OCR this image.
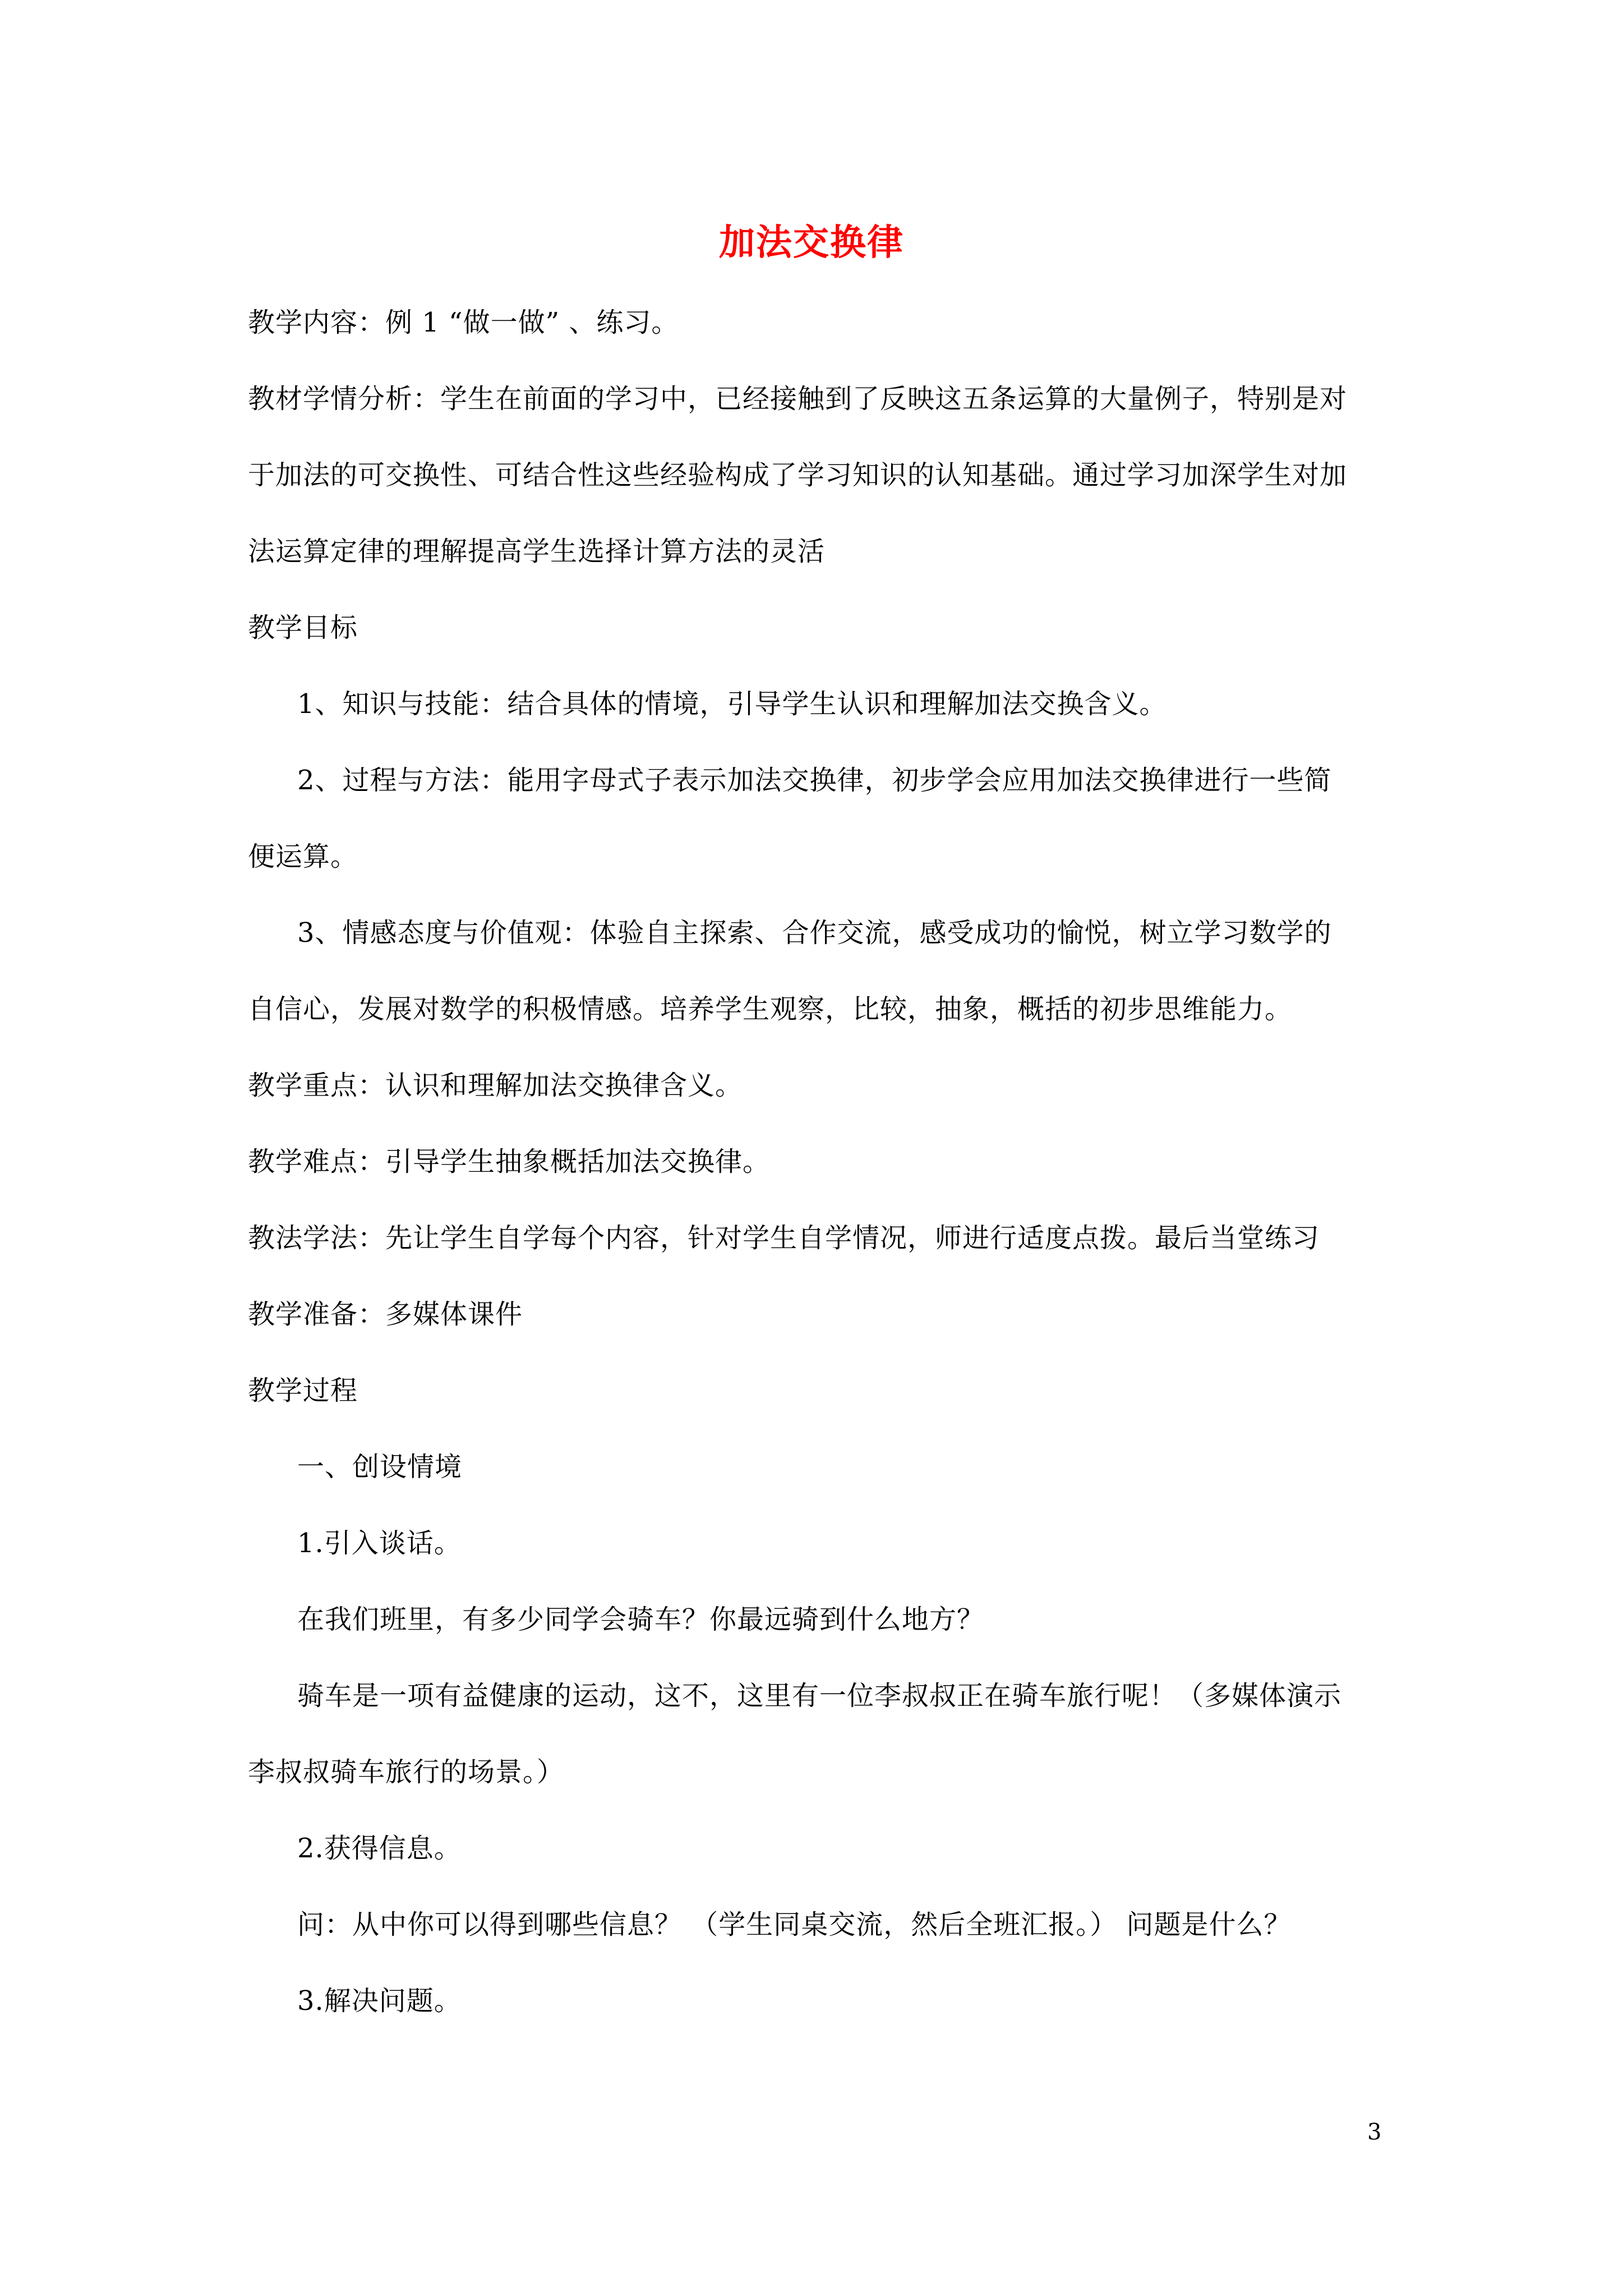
加法交换律
教学内容：例 1 “做一做” 、练习。
教材学情分析：学生在前面的学习中，已经接触到了反映这五条运算的大量例子，特别是对
于加法的可交换性、可结合性这些经验构成了学习知识的认知基础。通过学习加深学生对加
法运算定律的理解提高学生选择计算方法的灵活
教学目标
1、知识与技能：结合具体的情境，引导学生认识和理解加法交换含义。
2、过程与方法：能用字母式子表示加法交换律，初步学会应用加法交换律进行一些简
便运算。
3、情感态度与价值观：体验自主探索、合作交流，感受成功的愉悦，树立学习数学的
自信心，发展对数学的积极情感。培养学生观察，比较，抽象，概括的初步思维能力。
教学重点：认识和理解加法交换律含义。
教学难点：引导学生抽象概括加法交换律。
教法学法：先让学生自学每个内容，针对学生自学情况，师进行适度点拨。最后当堂练习
教学准备：多媒体课件
教学过程
一、创设情境
1.引入谈话。
在我们班里，有多少同学会骑车？你最远骑到什么地方？
骑车是一项有益健康的运动，这不，这里有一位李叔叔正在骑车旅行呢！（多媒体演示
李叔叔骑车旅行的场景。）
2.获得信息。
问：从中你可以得到哪些信息？ （学生同桌交流，然后全班汇报。） 问题是什么？
3.解决问题。
3
